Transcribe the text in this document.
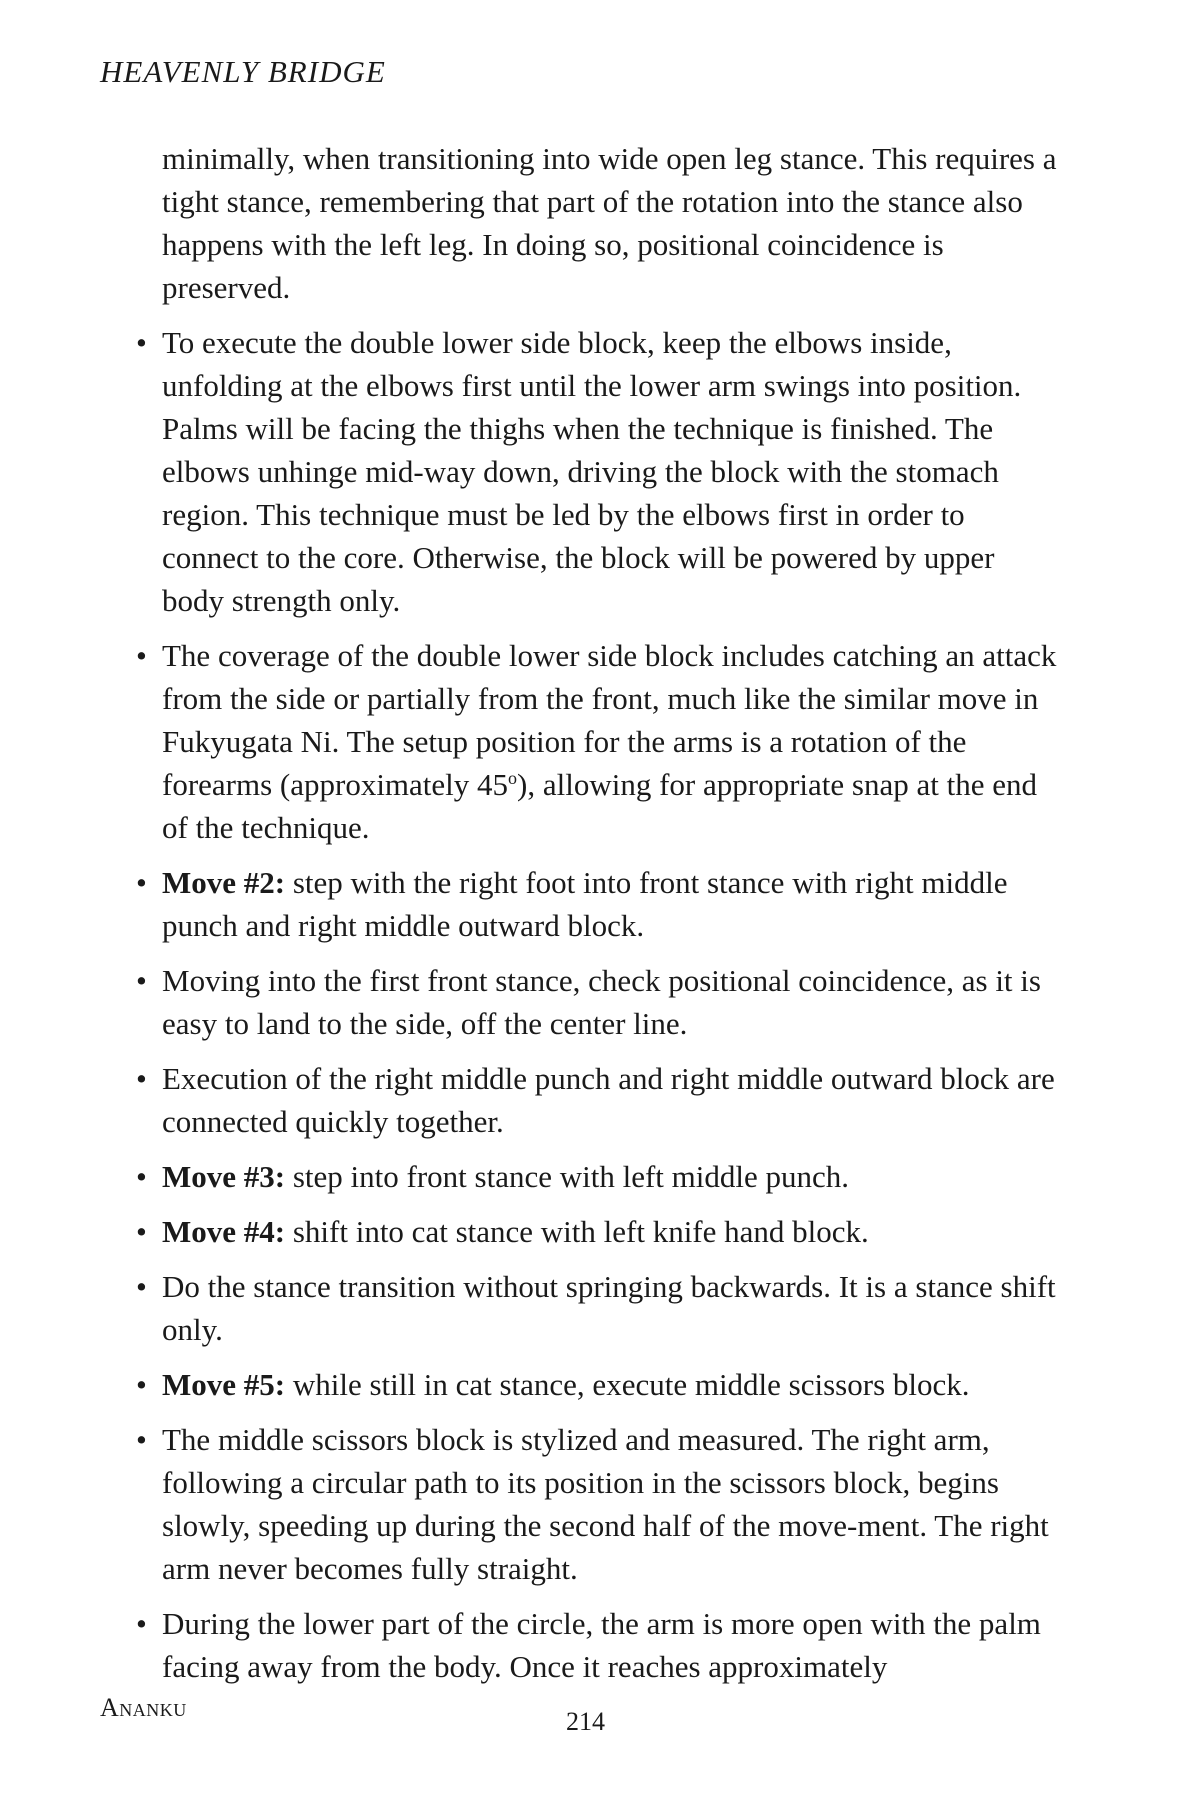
HEAVENLY BRIDGE

minimally, when transitioning into wide open leg stance. This requires a tight stance, remembering that part of the rotation into the stance also happens with the left leg. In doing so, positional coincidence is preserved.

• To execute the double lower side block, keep the elbows inside, unfolding at the elbows first until the lower arm swings into position. Palms will be facing the thighs when the technique is finished. The elbows unhinge mid-way down, driving the block with the stomach region. This technique must be led by the elbows first in order to connect to the core. Otherwise, the block will be powered by upper body strength only.
• The coverage of the double lower side block includes catching an attack from the side or partially from the front, much like the similar move in Fukyugata Ni. The setup position for the arms is a rotation of the forearms (approximately 45$^o$), allowing for appropriate snap at the end of the technique.
• Move #2: step with the right foot into front stance with right middle punch and right middle outward block.
• Moving into the first front stance, check positional coincidence, as it is easy to land to the side, off the center line.
• Execution of the right middle punch and right middle outward block are connected quickly together.
• Move #3: step into front stance with left middle punch.
• Move #4: shift into cat stance with left knife hand block.
• Do the stance transition without springing backwards. It is a stance shift only.
• Move #5: while still in cat stance, execute middle scissors block.
• The middle scissors block is stylized and measured. The right arm, following a circular path to its position in the scissors block, begins slowly, speeding up during the second half of the move-ment. The right arm never becomes fully straight.
• During the lower part of the circle, the arm is more open with the palm facing away from the body. Once it reaches approximately
Ananku	214
